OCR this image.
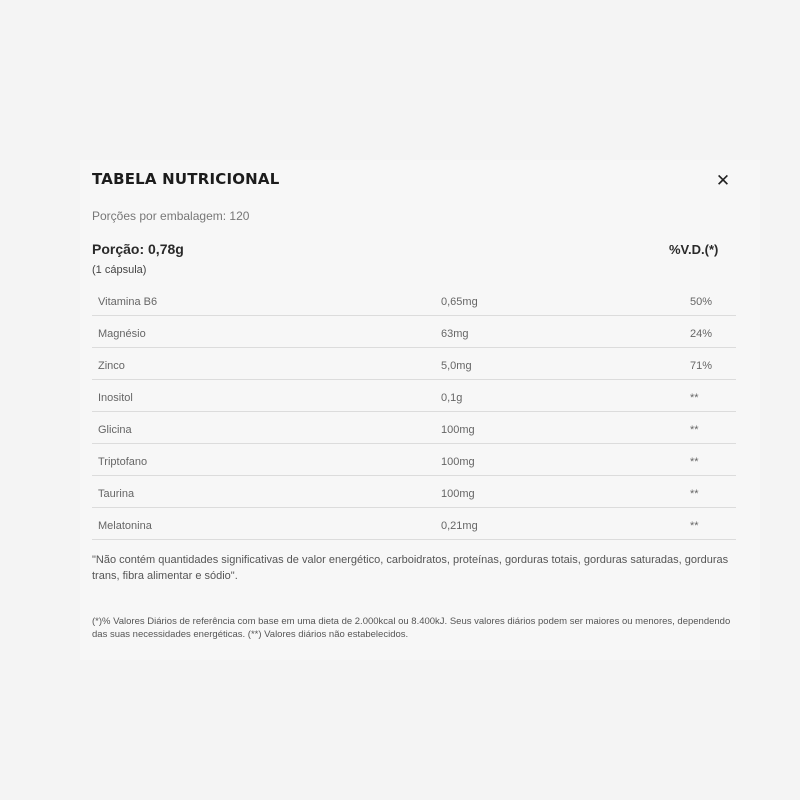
TABELA NUTRICIONAL	✕
Porções por embalagem: 120
Porção: 0,78g
(1 cápsula)
%V.D.(*)
Vitamina B6	0,65mg	50%
Magnésio	63mg	24%
Zinco	5,0mg	71%
Inositol	0,1g	**
Glicina	100mg	**
Triptofano	100mg	**
Taurina	100mg	**
Melatonina	0,21mg	**
"Não contém quantidades significativas de valor energético, carboidratos, proteínas, gorduras totais, gorduras saturadas, gorduras trans, fibra alimentar e sódio".
(*)% Valores Diários de referência com base em uma dieta de 2.000kcal ou 8.400kJ. Seus valores diários podem ser maiores ou menores, dependendo das suas necessidades energéticas. (**) Valores diários não estabelecidos.
